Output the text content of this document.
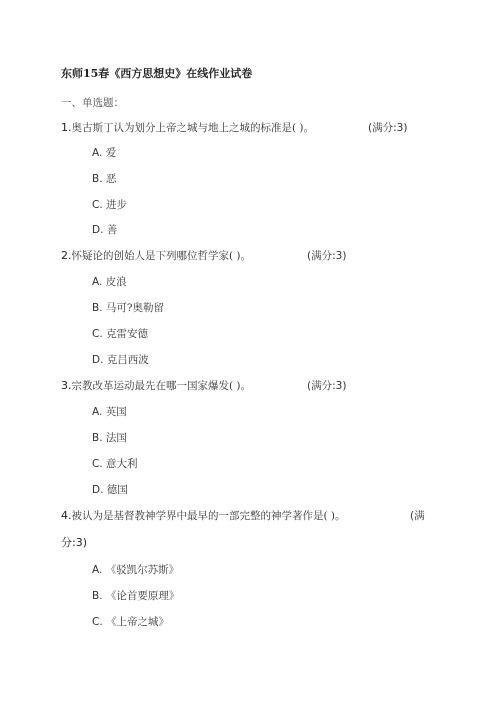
东师15春《西方思想史》在线作业试卷
一、单选题：
1.奥古斯丁认为划分上帝之城与地上之城的标准是( )。	(满分:3)
A. 爱
B. 恶
C. 进步
D. 善
2.怀疑论的创始人是下列哪位哲学家( )。	(满分:3)
A. 皮浪
B. 马可?奥勒留
C. 克雷安德
D. 克吕西波
3.宗教改革运动最先在哪一国家爆发( )。	(满分:3)
A. 英国
B. 法国
C. 意大利
D. 德国
4.被认为是基督教神学界中最早的一部完整的神学著作是( )。	(满
分:3)
A. 《驳凯尔苏斯》
B. 《论首要原理》
C. 《上帝之城》
